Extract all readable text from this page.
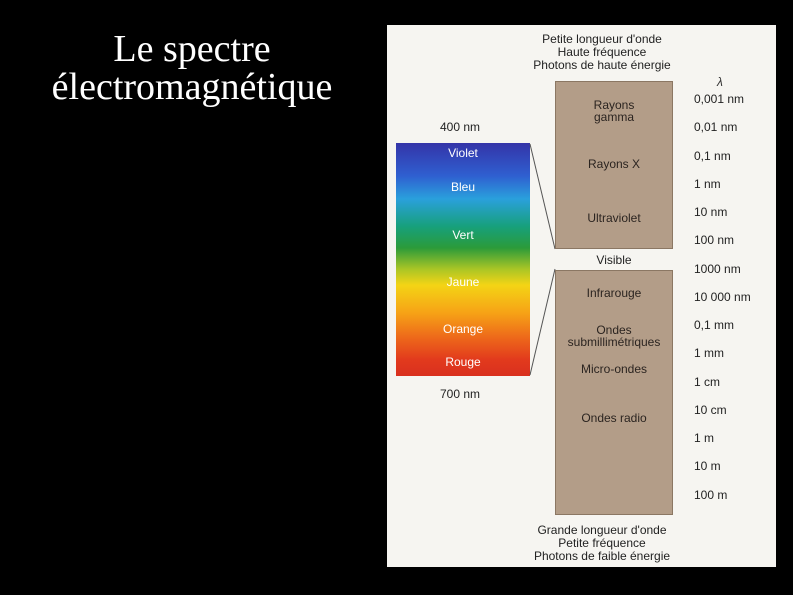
Le spectre
électromagnétique
Petite longueur d'onde
Haute fréquence
Photons de haute énergie
400 nm
Violet
Bleu
Vert
Jaune
Orange
Rouge
700 nm
Rayons
gamma
Rayons X
Ultraviolet
Visible
Infrarouge
Ondes
submillimétriques
Micro-ondes
Ondes radio
λ
0,001 nm
0,01 nm
0,1 nm
1 nm
10 nm
100 nm
1000 nm
10 000 nm
0,1 mm
1 mm
1 cm
10 cm
1 m
10 m
100 m
Grande longueur d'onde
Petite fréquence
Photons de faible énergie
